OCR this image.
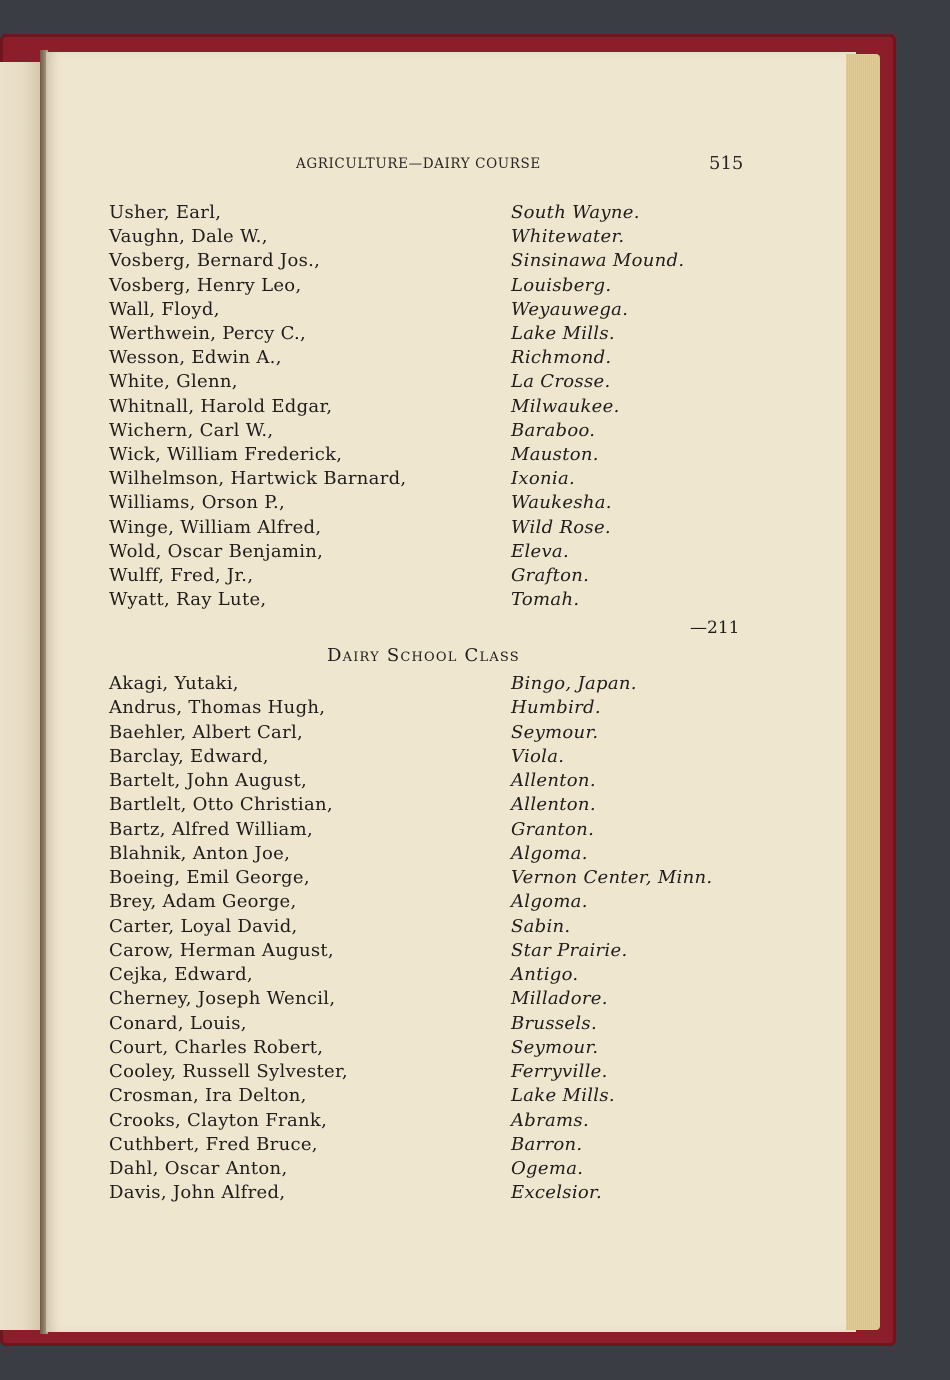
AGRICULTURE—DAIRY COURSE	515
Usher, Earl,	South Wayne.
Vaughn, Dale W.,	Whitewater.
Vosberg, Bernard Jos.,	Sinsinawa Mound.
Vosberg, Henry Leo,	Louisberg.
Wall, Floyd,	Weyauwega.
Werthwein, Percy C.,	Lake Mills.
Wesson, Edwin A.,	Richmond.
White, Glenn,	La Crosse.
Whitnall, Harold Edgar,	Milwaukee.
Wichern, Carl W.,	Baraboo.
Wick, William Frederick,	Mauston.
Wilhelmson, Hartwick Barnard,	Ixonia.
Williams, Orson P.,	Waukesha.
Winge, William Alfred,	Wild Rose.
Wold, Oscar Benjamin,	Eleva.
Wulff, Fred, Jr.,	Grafton.
Wyatt, Ray Lute,	Tomah.
—211
Dairy School Class
Akagi, Yutaki,	Bingo, Japan.
Andrus, Thomas Hugh,	Humbird.
Baehler, Albert Carl,	Seymour.
Barclay, Edward,	Viola.
Bartelt, John August,	Allenton.
Bartlelt, Otto Christian,	Allenton.
Bartz, Alfred William,	Granton.
Blahnik, Anton Joe,	Algoma.
Boeing, Emil George,	Vernon Center, Minn.
Brey, Adam George,	Algoma.
Carter, Loyal David,	Sabin.
Carow, Herman August,	Star Prairie.
Cejka, Edward,	Antigo.
Cherney, Joseph Wencil,	Milladore.
Conard, Louis,	Brussels.
Court, Charles Robert,	Seymour.
Cooley, Russell Sylvester,	Ferryville.
Crosman, Ira Delton,	Lake Mills.
Crooks, Clayton Frank,	Abrams.
Cuthbert, Fred Bruce,	Barron.
Dahl, Oscar Anton,	Ogema.
Davis, John Alfred,	Excelsior.
